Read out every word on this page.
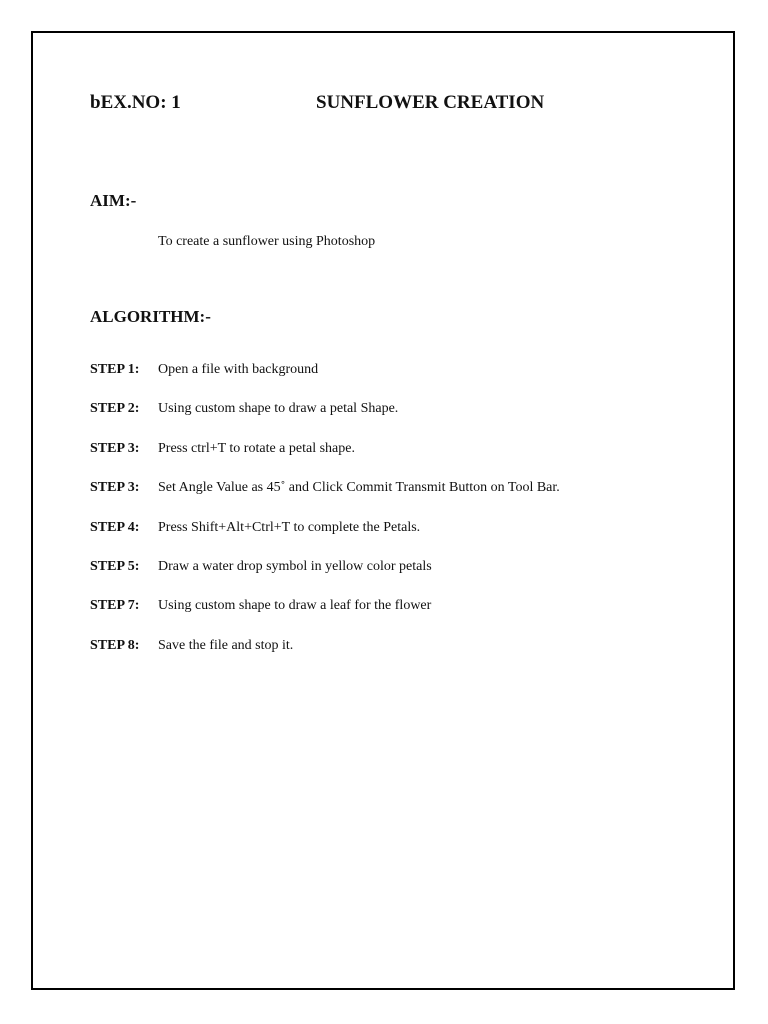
bEX.NO: 1	SUNFLOWER CREATION
AIM:-
To create a sunflower using Photoshop
ALGORITHM:-
STEP 1:	Open a file with background
STEP 2:	Using custom shape to draw a petal Shape.
STEP 3:	Press ctrl+T to rotate a petal shape.
STEP 3:	Set Angle Value as 45˚ and Click Commit Transmit Button on Tool Bar.
STEP 4:	Press Shift+Alt+Ctrl+T to complete the Petals.
STEP 5:	Draw a water drop symbol in yellow color petals
STEP 7:	Using custom shape to draw a leaf for the flower
STEP 8:	Save the file and stop it.
